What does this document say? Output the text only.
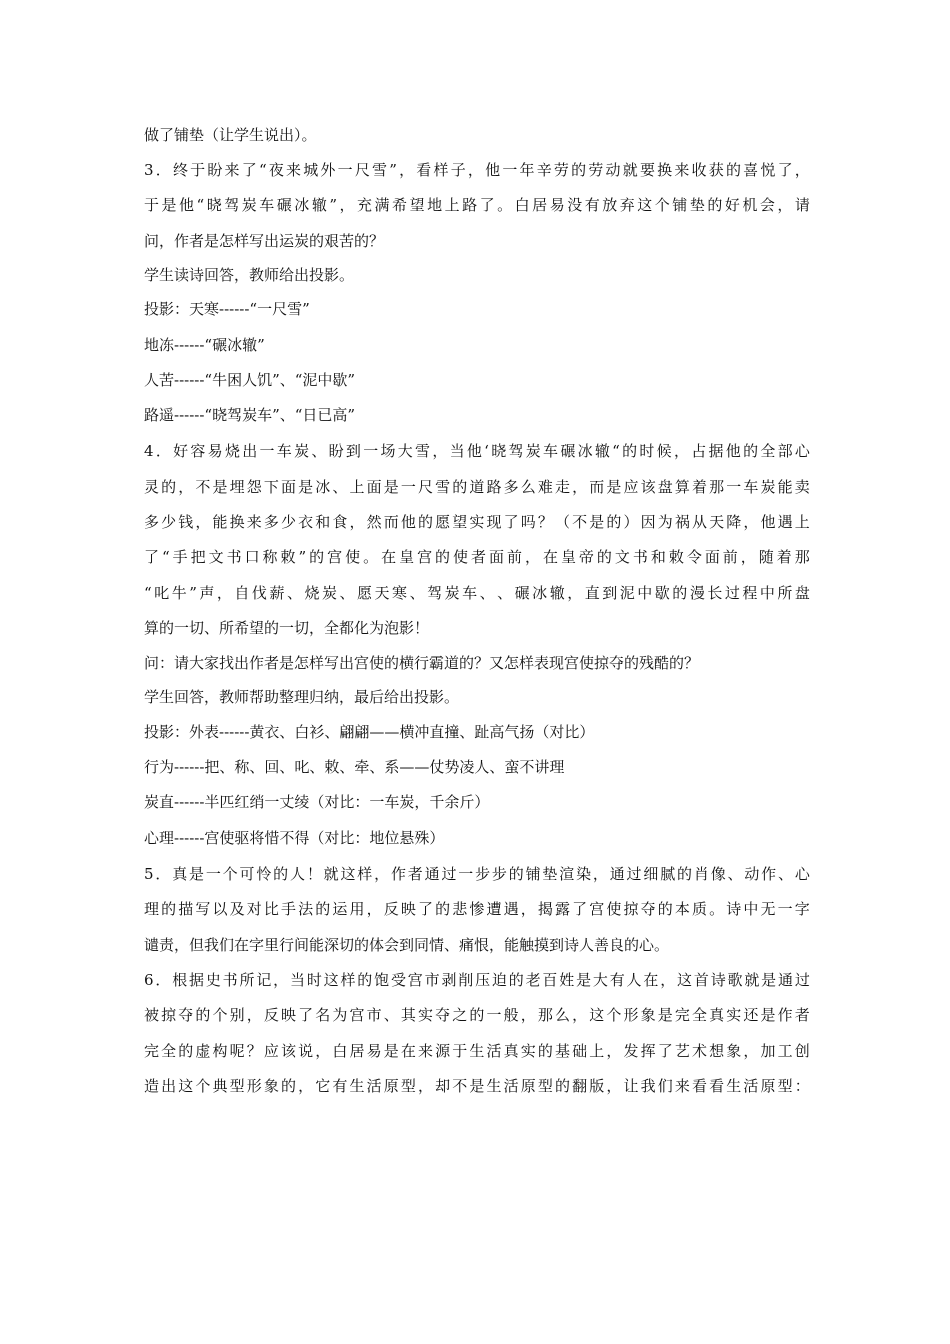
做了铺垫（让学生说出）。
3 ． 终 于 盼 来 了 “ 夜 来 城 外 一 尺 雪 ” ， 看 样 子 ， 他 一 年 辛 劳 的 劳 动 就 要 换 来 收 获 的 喜 悦 了 ，
于 是 他 “ 晓 驾 炭 车 碾 冰 辙 ” ， 充 满 希 望 地 上 路 了 。 白 居 易 没 有 放 弃 这 个 铺 垫 的 好 机 会 ， 请
问，作者是怎样写出运炭的艰苦的？
学生读诗回答，教师给出投影。
投影：天寒------“一尺雪”
地冻------“碾冰辙”
人苦------“牛困人饥”、“泥中歇”
路遥------“晓驾炭车”、“日已高”
4 ． 好 容 易 烧 出 一 车 炭 、 盼 到 一 场 大 雪 ， 当 他 ‘ 晓 驾 炭 车 碾 冰 辙 “ 的 时 候 ， 占 据 他 的 全 部 心
灵 的 ， 不 是 埋 怨 下 面 是 冰 、 上 面 是 一 尺 雪 的 道 路 多 么 难 走 ， 而 是 应 该 盘 算 着 那 一 车 炭 能 卖
多 少 钱 ， 能 换 来 多 少 衣 和 食 ， 然 而 他 的 愿 望 实 现 了 吗 ？ （ 不 是 的 ） 因 为 祸 从 天 降 ， 他 遇 上
了 “ 手 把 文 书 口 称 敕 ” 的 宫 使 。 在 皇 宫 的 使 者 面 前 ， 在 皇 帝 的 文 书 和 敕 令 面 前 ， 随 着 那
“ 叱 牛 ” 声 ， 自 伐 薪 、 烧 炭 、 愿 天 寒 、 驾 炭 车 、 、 碾 冰 辙 ， 直 到 泥 中 歇 的 漫 长 过 程 中 所 盘
算的一切、所希望的一切，全都化为泡影！
问：请大家找出作者是怎样写出宫使的横行霸道的？又怎样表现宫使掠夺的残酷的？
学生回答，教师帮助整理归纳，最后给出投影。
投影：外表------黄衣、白衫、翩翩——横冲直撞、趾高气扬（对比）
行为------把、称、回、叱、敕、牵、系——仗势凌人、蛮不讲理
炭直------半匹红绡一丈绫（对比：一车炭，千余斤）
心理------宫使驱将惜不得（对比：地位悬殊）
5 ． 真 是 一 个 可 怜 的 人 ！ 就 这 样 ， 作 者 通 过 一 步 步 的 铺 垫 渲 染 ， 通 过 细 腻 的 肖 像 、 动 作 、 心
理 的 描 写 以 及 对 比 手 法 的 运 用 ， 反 映 了 的 悲 惨 遭 遇 ， 揭 露 了 宫 使 掠 夺 的 本 质 。 诗 中 无 一 字
谴责，但我们在字里行间能深切的体会到同情、痛恨，能触摸到诗人善良的心。
6 ． 根 据 史 书 所 记 ， 当 时 这 样 的 饱 受 宫 市 剥 削 压 迫 的 老 百 姓 是 大 有 人 在 ， 这 首 诗 歌 就 是 通 过
被 掠 夺 的 个 别 ， 反 映 了 名 为 宫 市 、 其 实 夺 之 的 一 般 ， 那 么 ， 这 个 形 象 是 完 全 真 实 还 是 作 者
完 全 的 虚 构 呢 ？ 应 该 说 ， 白 居 易 是 在 来 源 于 生 活 真 实 的 基 础 上 ， 发 挥 了 艺 术 想 象 ， 加 工 创
造 出 这 个 典 型 形 象 的 ， 它 有 生 活 原 型 ， 却 不 是 生 活 原 型 的 翻 版 ， 让 我 们 来 看 看 生 活 原 型 ：
